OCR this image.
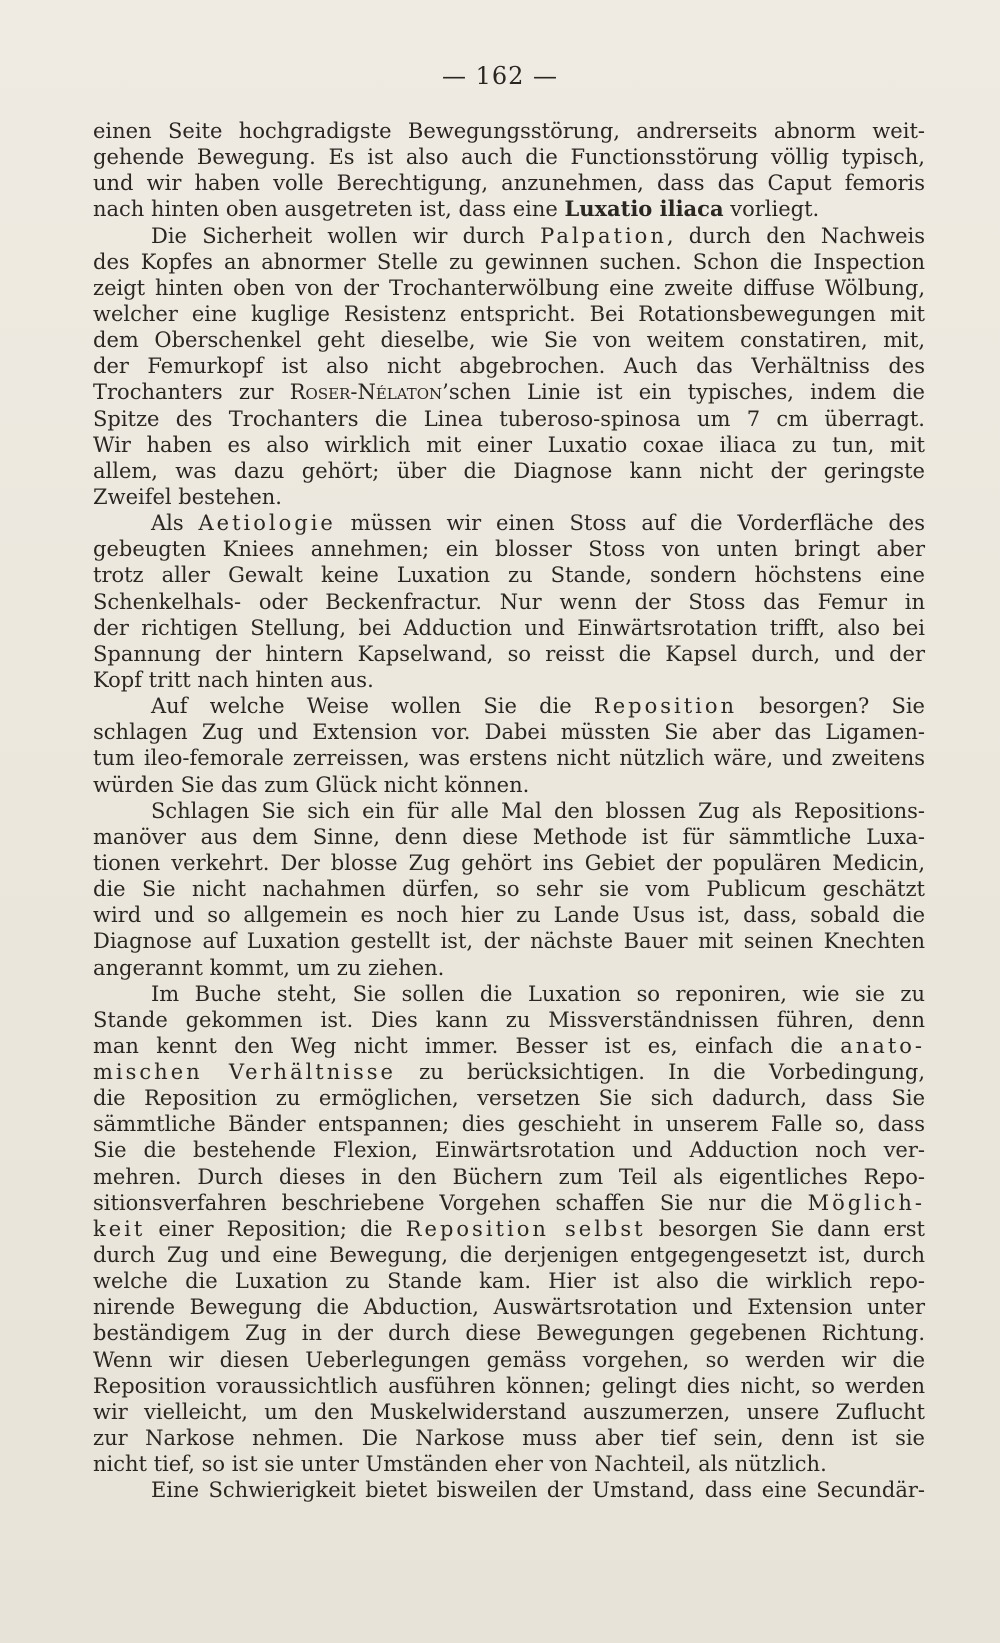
— 162 —
einen Seite hochgradigste Bewegungsstörung, andrerseits abnorm weit-
gehende Bewegung. Es ist also auch die Functionsstörung völlig typisch,
und wir haben volle Berechtigung, anzunehmen, dass das Caput femoris
nach hinten oben ausgetreten ist, dass eine Luxatio iliaca vorliegt.
Die Sicherheit wollen wir durch Palpation, durch den Nachweis
des Kopfes an abnormer Stelle zu gewinnen suchen. Schon die Inspection
zeigt hinten oben von der Trochanterwölbung eine zweite diffuse Wölbung,
welcher eine kuglige Resistenz entspricht. Bei Rotationsbewegungen mit
dem Oberschenkel geht dieselbe, wie Sie von weitem constatiren, mit,
der Femurkopf ist also nicht abgebrochen. Auch das Verhältniss des
Trochanters zur Roser-Nélaton’schen Linie ist ein typisches, indem die
Spitze des Trochanters die Linea tuberoso-spinosa um 7 cm überragt.
Wir haben es also wirklich mit einer Luxatio coxae iliaca zu tun, mit
allem, was dazu gehört; über die Diagnose kann nicht der geringste
Zweifel bestehen.
Als Aetiologie müssen wir einen Stoss auf die Vorderfläche des
gebeugten Kniees annehmen; ein blosser Stoss von unten bringt aber
trotz aller Gewalt keine Luxation zu Stande, sondern höchstens eine
Schenkelhals- oder Beckenfractur. Nur wenn der Stoss das Femur in
der richtigen Stellung, bei Adduction und Einwärtsrotation trifft, also bei
Spannung der hintern Kapselwand, so reisst die Kapsel durch, und der
Kopf tritt nach hinten aus.
Auf welche Weise wollen Sie die Reposition besorgen? Sie
schlagen Zug und Extension vor. Dabei müssten Sie aber das Ligamen-
tum ileo-femorale zerreissen, was erstens nicht nützlich wäre, und zweitens
würden Sie das zum Glück nicht können.
Schlagen Sie sich ein für alle Mal den blossen Zug als Repositions-
manöver aus dem Sinne, denn diese Methode ist für sämmtliche Luxa-
tionen verkehrt. Der blosse Zug gehört ins Gebiet der populären Medicin,
die Sie nicht nachahmen dürfen, so sehr sie vom Publicum geschätzt
wird und so allgemein es noch hier zu Lande Usus ist, dass, sobald die
Diagnose auf Luxation gestellt ist, der nächste Bauer mit seinen Knechten
angerannt kommt, um zu ziehen.
Im Buche steht, Sie sollen die Luxation so reponiren, wie sie zu
Stande gekommen ist. Dies kann zu Missverständnissen führen, denn
man kennt den Weg nicht immer. Besser ist es, einfach die anato-
mischen Verhältnisse zu berücksichtigen. In die Vorbedingung,
die Reposition zu ermöglichen, versetzen Sie sich dadurch, dass Sie
sämmtliche Bänder entspannen; dies geschieht in unserem Falle so, dass
Sie die bestehende Flexion, Einwärtsrotation und Adduction noch ver-
mehren. Durch dieses in den Büchern zum Teil als eigentliches Repo-
sitionsverfahren beschriebene Vorgehen schaffen Sie nur die Möglich-
keit einer Reposition; die Reposition selbst besorgen Sie dann erst
durch Zug und eine Bewegung, die derjenigen entgegengesetzt ist, durch
welche die Luxation zu Stande kam. Hier ist also die wirklich repo-
nirende Bewegung die Abduction, Auswärtsrotation und Extension unter
beständigem Zug in der durch diese Bewegungen gegebenen Richtung.
Wenn wir diesen Ueberlegungen gemäss vorgehen, so werden wir die
Reposition voraussichtlich ausführen können; gelingt dies nicht, so werden
wir vielleicht, um den Muskelwiderstand auszumerzen, unsere Zuflucht
zur Narkose nehmen. Die Narkose muss aber tief sein, denn ist sie
nicht tief, so ist sie unter Umständen eher von Nachteil, als nützlich.
Eine Schwierigkeit bietet bisweilen der Umstand, dass eine Secundär-
